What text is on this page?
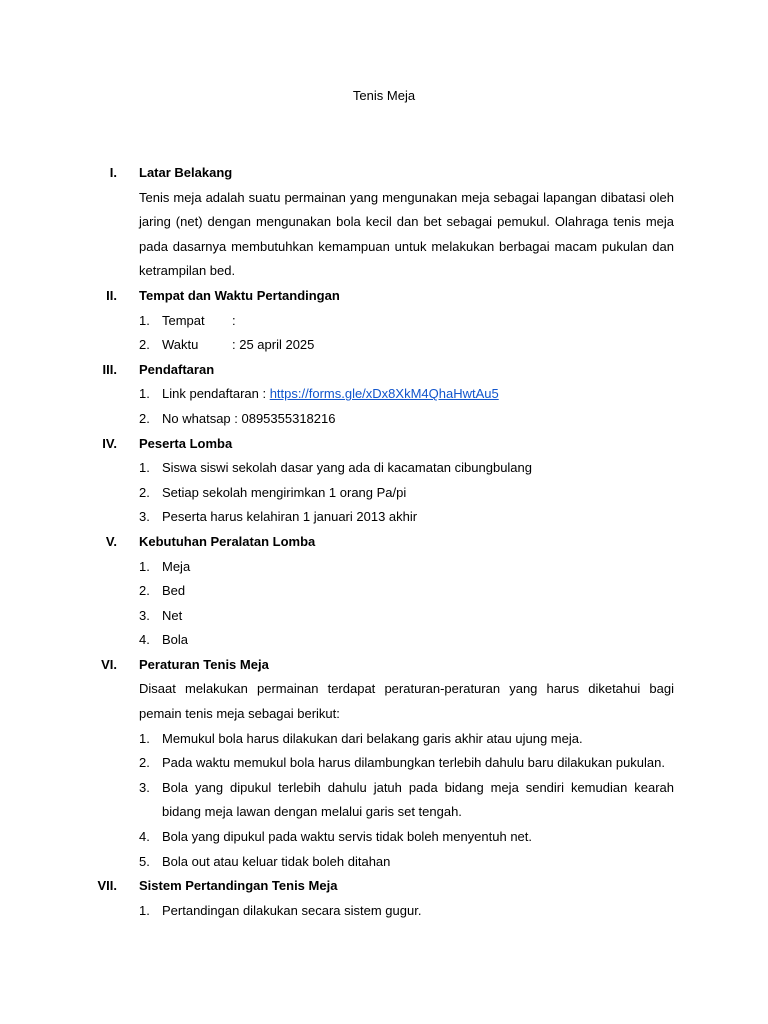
Tenis Meja
I. Latar Belakang
Tenis meja adalah suatu permainan yang mengunakan meja sebagai lapangan dibatasi oleh jaring (net) dengan mengunakan bola kecil dan bet sebagai pemukul. Olahraga tenis meja pada dasarnya membutuhkan kemampuan untuk melakukan berbagai macam pukulan dan ketrampilan bed.
II. Tempat dan Waktu Pertandingan
1. Tempat :
2. Waktu	: 25 april 2025
III. Pendaftaran
1. Link pendaftaran : https://forms.gle/xDx8XkM4QhaHwtAu5
2. No whatsap : 0895355318216
IV. Peserta Lomba
1. Siswa siswi sekolah dasar yang ada di kacamatan cibungbulang
2. Setiap sekolah mengirimkan 1 orang Pa/pi
3. Peserta harus kelahiran 1 januari 2013 akhir
V. Kebutuhan Peralatan Lomba
1. Meja
2. Bed
3. Net
4. Bola
VI. Peraturan Tenis Meja
Disaat melakukan permainan terdapat peraturan-peraturan yang harus diketahui bagi pemain tenis meja sebagai berikut:
1. Memukul bola harus dilakukan dari belakang garis akhir atau ujung meja.
2. Pada waktu memukul bola harus dilambungkan terlebih dahulu baru dilakukan pukulan.
3. Bola yang dipukul terlebih dahulu jatuh pada bidang meja sendiri kemudian kearah bidang meja lawan dengan melalui garis set tengah.
4. Bola yang dipukul pada waktu servis tidak boleh menyentuh net.
5. Bola out atau keluar tidak boleh ditahan
VII. Sistem Pertandingan Tenis Meja
1. Pertandingan dilakukan secara sistem gugur.
